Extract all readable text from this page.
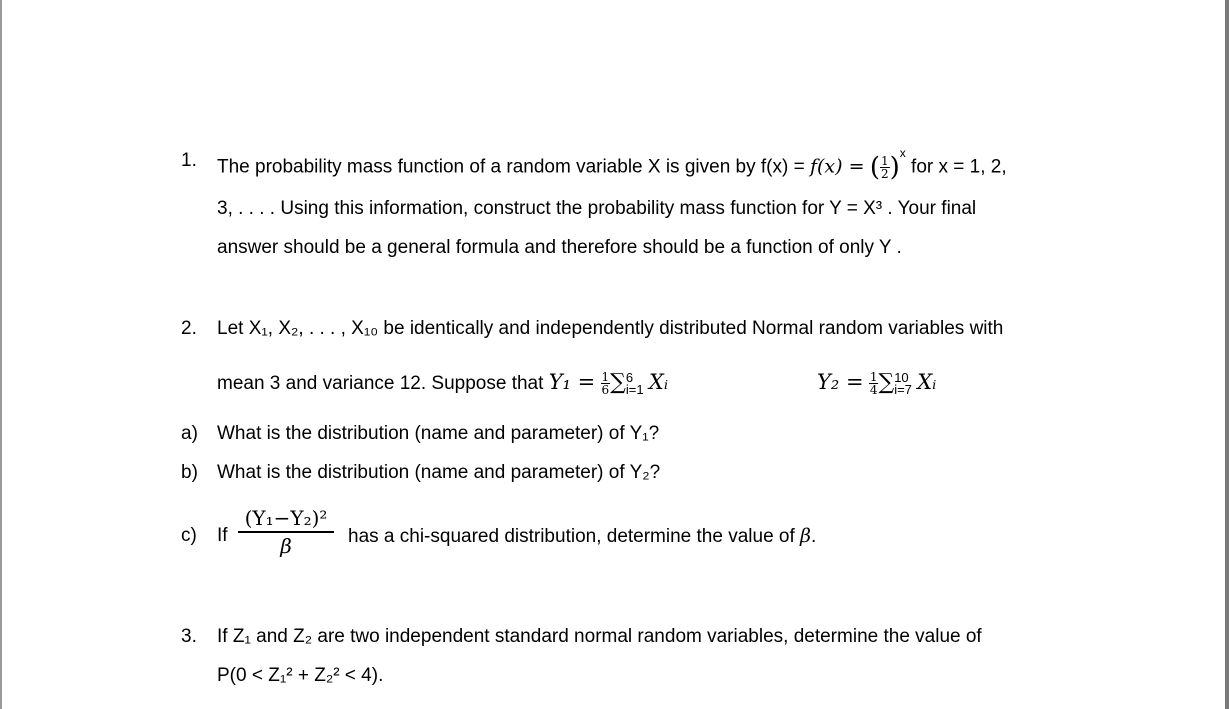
1. The probability mass function of a random variable X is given by f(x) = f(x) = ( $\frac{1}{2} )^x$ for x = 1, 2,
3, . . . . Using this information, construct the probability mass function for Y = X³ . Your final
answer should be a general formula and therefore should be a function of only Y .
2. Let X₁, X₂, . . . , X₁₀ be identically and independently distributed Normal random variables with
mean 3 and variance 12. Suppose that $Y_1 = \frac{1}{6}$ ∑ 6
i=1 Xᵢ	$Y_2 = \frac{1}{4}$ ∑ 10
i=7 Xᵢ
a) What is the distribution (name and parameter) of Y₁?
b) What is the distribution (name and parameter) of Y₂?
c) If
(Y₁−Y₂)²
β	has a chi-squared distribution, determine the value of β.
3. If Z₁ and Z₂ are two independent standard normal random variables, determine the value of
P(0 < Z₁² + Z₂² < 4).
